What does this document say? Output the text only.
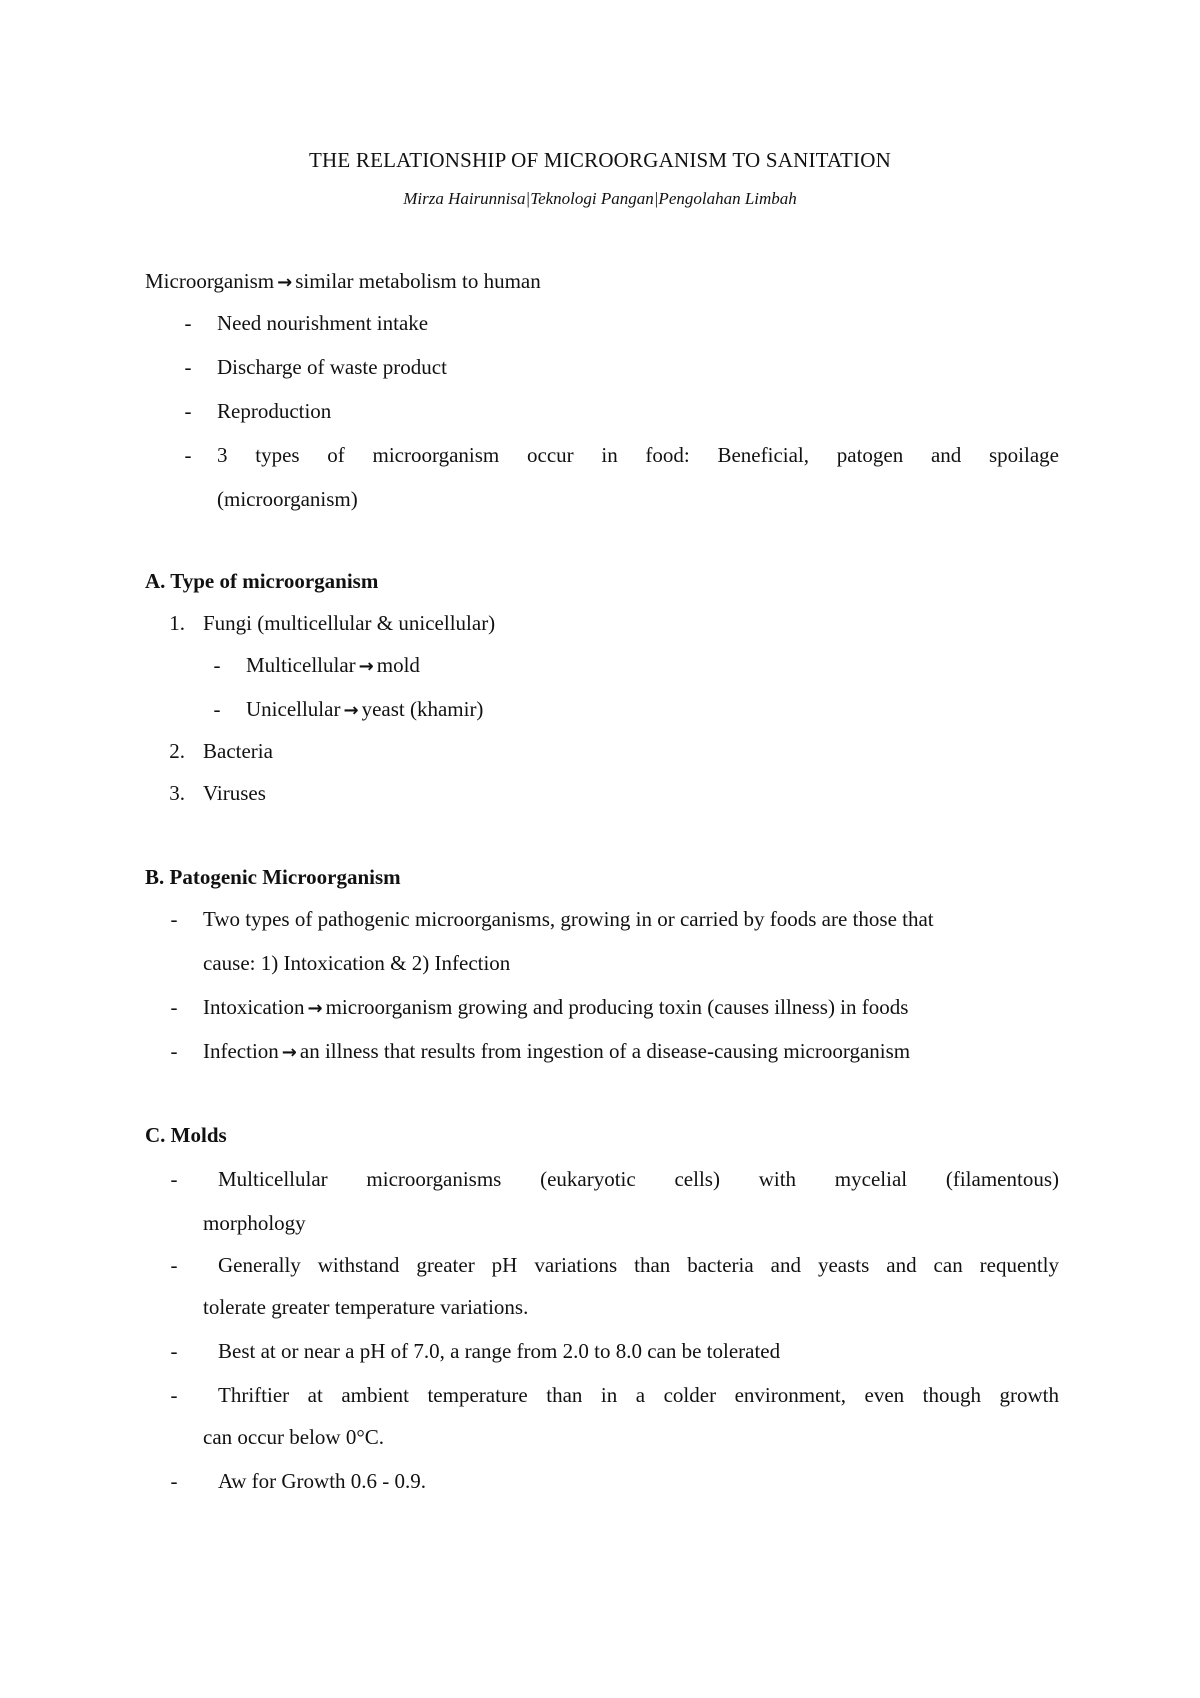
THE RELATIONSHIP OF MICROORGANISM TO SANITATION
Mirza Hairunnisa|Teknologi Pangan|Pengolahan Limbah
Microorganism → similar metabolism to human
-	Need nourishment intake
-	Discharge of waste product
-	Reproduction
-	3 types of microorganism occur in food: Beneficial, patogen and spoilage
(microorganism)
A. Type of microorganism
1. Fungi (multicellular & unicellular)
-	Multicellular → mold
-	Unicellular → yeast (khamir)
2. Bacteria
3. Viruses
B. Patogenic Microorganism
-	Two types of pathogenic microorganisms, growing in or carried by foods are those that
cause: 1) Intoxication & 2) Infection
-	Intoxication → microorganism growing and producing toxin (causes illness) in foods
-	Infection → an illness that results from ingestion of a disease-causing microorganism
C. Molds
-	Multicellular microorganisms (eukaryotic cells) with mycelial (filamentous)
morphology
-	Generally withstand greater pH variations than bacteria and yeasts and can requently
tolerate greater temperature variations.
-	Best at or near a pH of 7.0, a range from 2.0 to 8.0 can be tolerated
-	Thriftier at ambient temperature than in a colder environment, even though growth
can occur below 0°C.
-	Aw for Growth 0.6 - 0.9.
